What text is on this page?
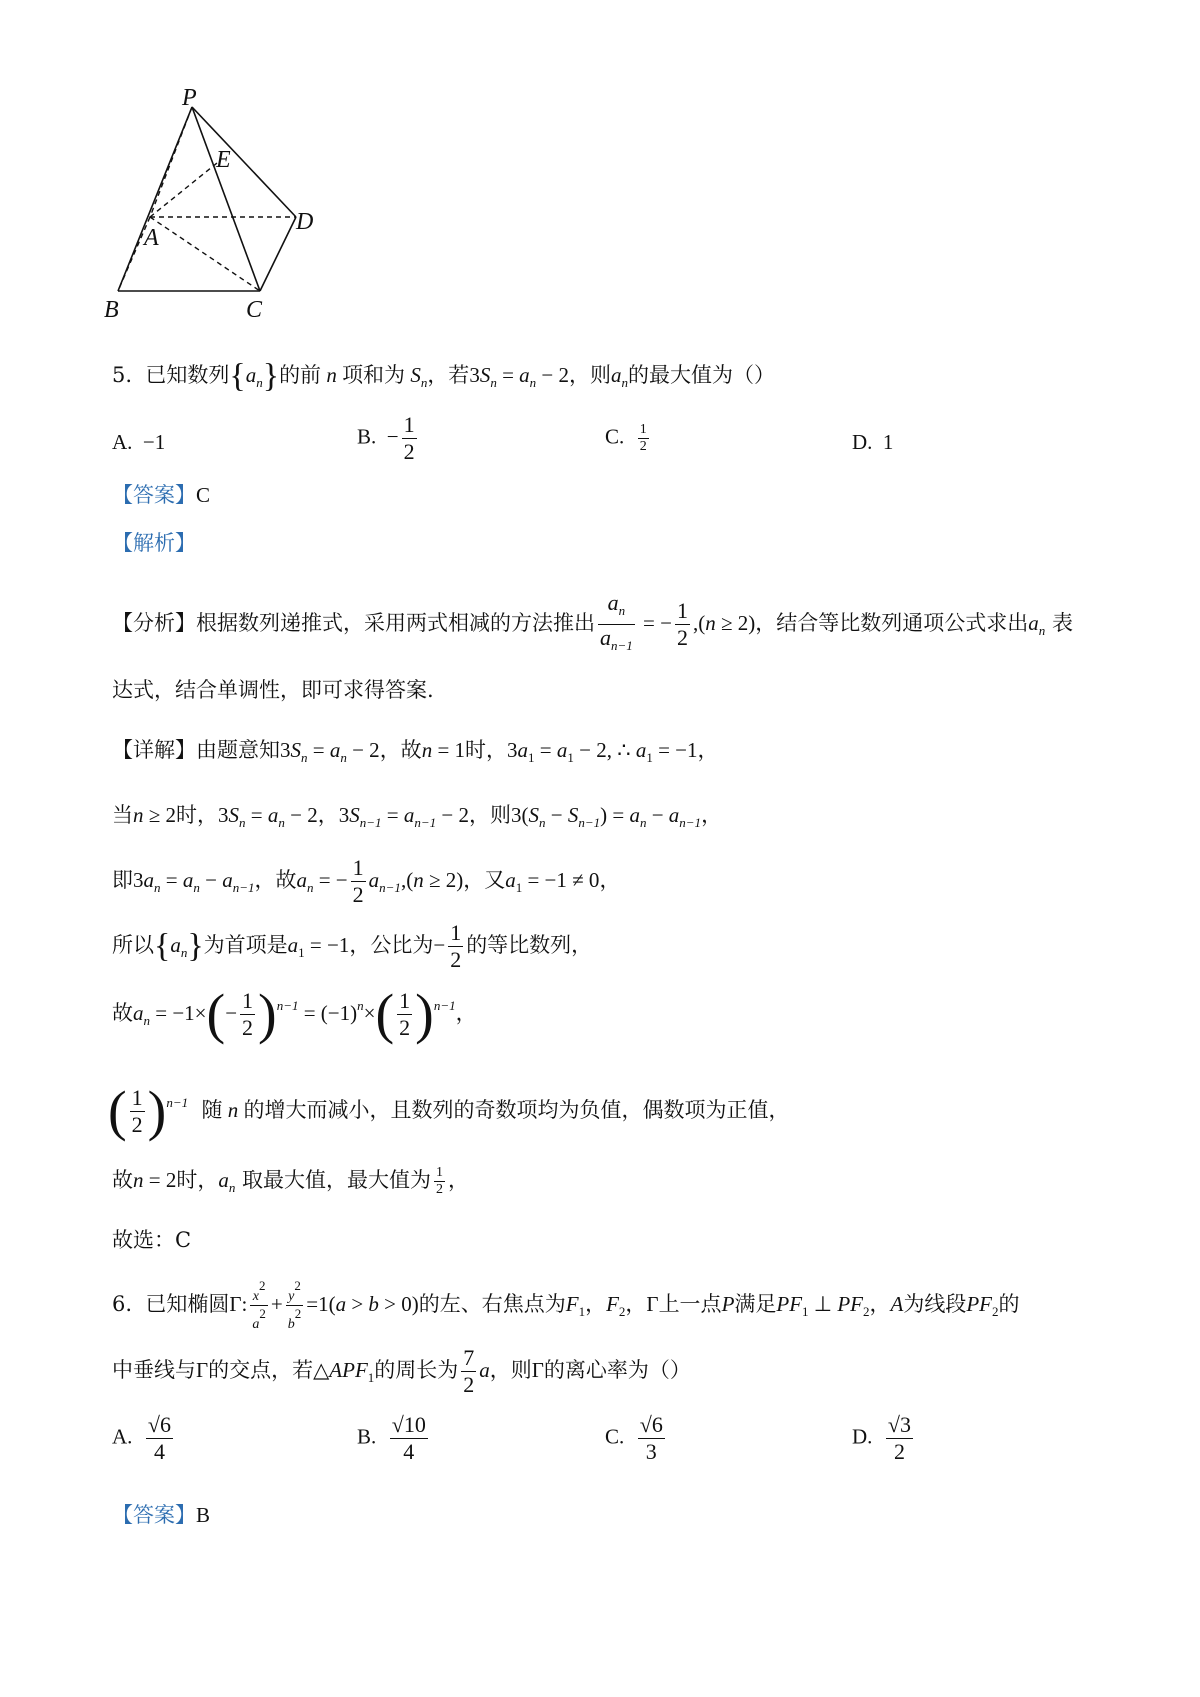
P
E
A
D
B	C
5. 已知数列$\{a_n\}$的前 n 项和为 $S_n$，若$3S_n = a_n - 2$，则$a_n$的最大值为（）
A. −1	B.  − $\frac{1}{2}$	C. $\frac{1}{2}$	D. 1
【答案】C
【解析】
【分析】根据数列递推式，采用两式相减的方法推出 $\frac{a_n}{a_{n-1}}$ = − $\frac{1}{2} ,(n \ge 2)$，结合等比数列通项公式求出$a_n$ 表
达式，结合单调性，即可求得答案.
【详解】由题意知$3S_n = a_n - 2$，故n = 1时，$3a_1 = a_1 - 2$, ∴ $a_1 = -1$，
当n ≥ 2时，$3S_n = a_n - 2$，$3S_{n-1} = a_{n-1} - 2$，则$3(S_n - S_{n-1}) = a_n - a_{n-1}$，
即$3a_n = a_n - a_{n-1}$，故$a_n$ = − $\frac{1}{2} a_{n-1},(n \ge 2)$，又$a_1 = -1 \ne 0$，
所以$\{a_n\}$为首项是$a_1 = -1$，公比为− $\frac{1}{2}$ 的等比数列，
故$a_n = -1\times(- \frac{1}{2} )^{n-1} = (-1)^n\times( \frac{1}{2} )^{n-1}$，
( $\frac{1}{2} )^{n-1}$ 随 n 的增大而减小，且数列的奇数项均为负值，偶数项为正值，
故n = 2时，$a_n$ 取最大值，最大值为 $\frac{1}{2}$ ，
故选：C
6. 已知椭圆Γ: $\frac{x2}{a2} + \frac{y2}{b2} =1(a > b > 0)$的左、右焦点为$F_1$，$F_2$，Γ上一点P满足$PF_1$ ⊥ $PF_2$，A为线段$PF_2$的
中垂线与Γ的交点，若$\triangle APF_1$的周长为 $\frac{7}{2}$ a，则Γ的离心率为（）
A. $\frac{√6}{4}$	B. $\frac{√10}{4}$	C. $\frac{√6}{3}$	D. $\frac{√3}{2}$
【答案】B
